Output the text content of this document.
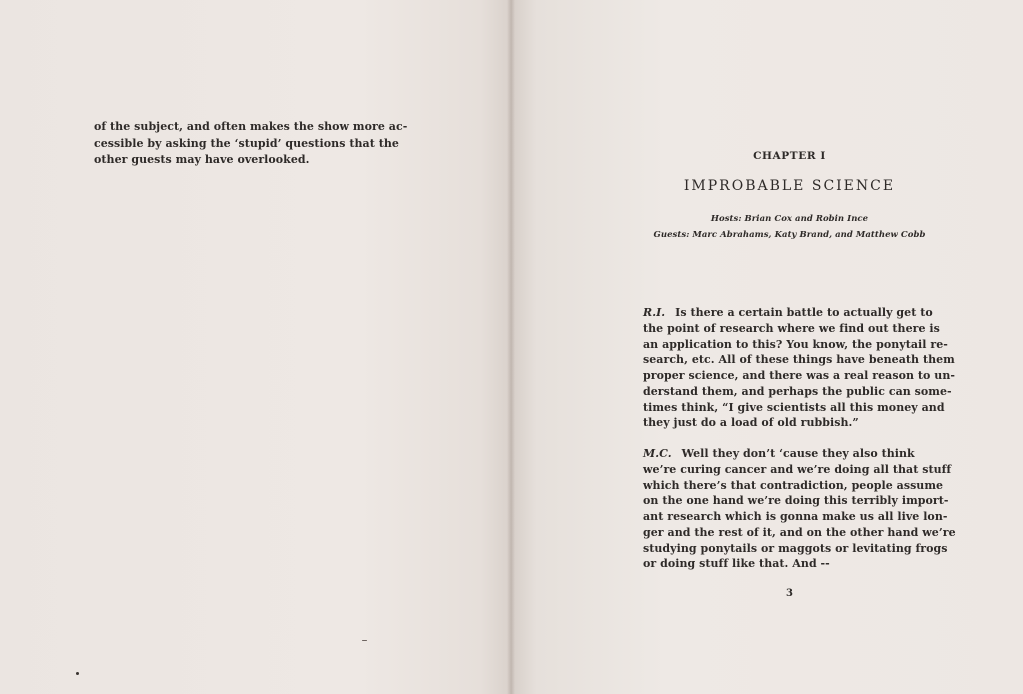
of the subject, and often makes the show more ac-
cessible by asking the ‘stupid’ questions that the
other guests may have overlooked.	CHAPTER I

IMPROBABLE SCIENCE

Hosts: Brian Cox and Robin Ince

Guests: Marc Abrahams, Katy Brand, and Matthew Cobb

R.I. Is there a certain battle to actually get to
the point of research where we find out there is
an application to this? You know, the ponytail re-
search, etc. All of these things have beneath them
proper science, and there was a real reason to un-
derstand them, and perhaps the public can some-
times think, “I give scientists all this money and
they just do a load of old rubbish.”
M.C. Well they don’t ‘cause they also think
we’re curing cancer and we’re doing all that stuff
which there’s that contradiction, people assume
on the one hand we’re doing this terribly import-
ant research which is gonna make us all live lon-
ger and the rest of it, and on the other hand we’re
studying ponytails or maggots or levitating frogs
or doing stuff like that. And --

3
